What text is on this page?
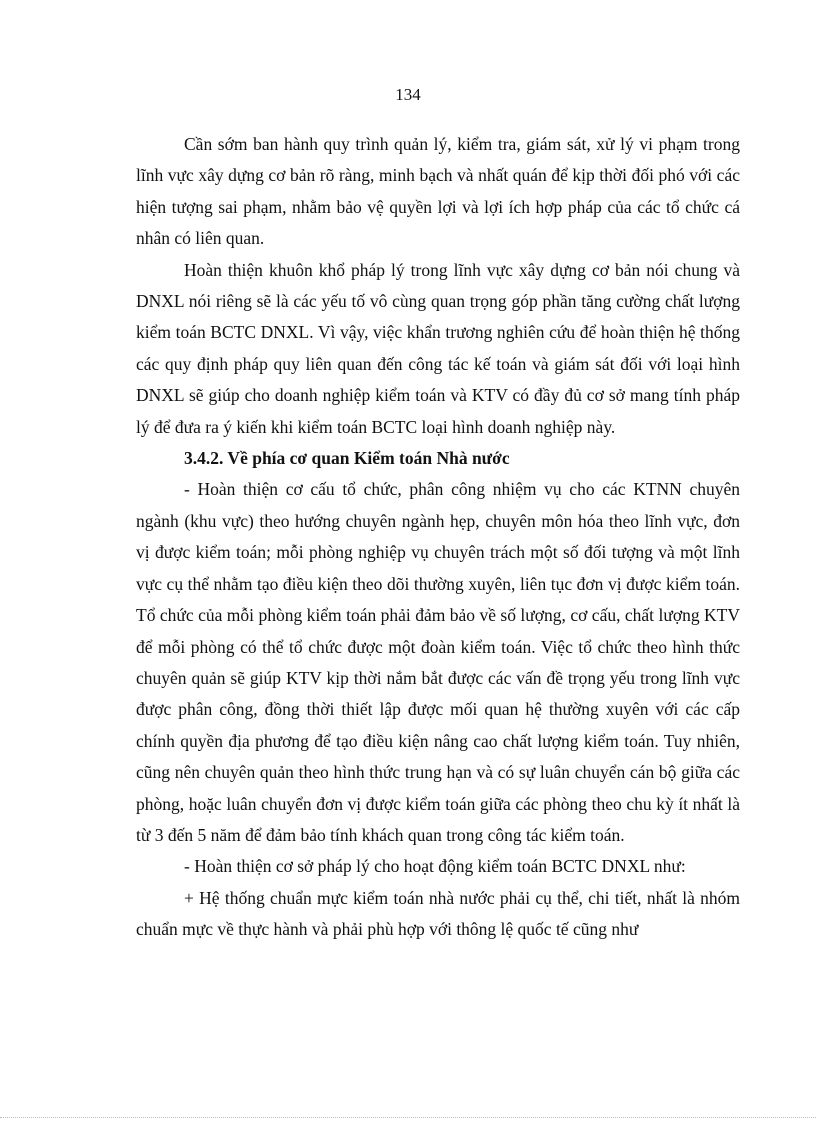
134

Cần sớm ban hành quy trình quản lý, kiểm tra, giám sát, xử lý vi phạm trong lĩnh vực xây dựng cơ bản rõ ràng, minh bạch và nhất quán để kịp thời đối phó với các hiện tượng sai phạm, nhằm bảo vệ quyền lợi và lợi ích hợp pháp của các tổ chức cá nhân có liên quan.

Hoàn thiện khuôn khổ pháp lý trong lĩnh vực xây dựng cơ bản nói chung và DNXL nói riêng sẽ là các yếu tố vô cùng quan trọng góp phần tăng cường chất lượng kiểm toán BCTC DNXL. Vì vậy, việc khẩn trương nghiên cứu để hoàn thiện hệ thống các quy định pháp quy liên quan đến công tác kế toán và giám sát đối với loại hình DNXL sẽ giúp cho doanh nghiệp kiểm toán và KTV có đầy đủ cơ sở mang tính pháp lý để đưa ra ý kiến khi kiểm toán BCTC loại hình doanh nghiệp này.

3.4.2. Về phía cơ quan Kiểm toán Nhà nước

- Hoàn thiện cơ cấu tổ chức, phân công nhiệm vụ cho các KTNN chuyên ngành (khu vực) theo hướng chuyên ngành hẹp, chuyên môn hóa theo lĩnh vực, đơn vị được kiểm toán; mỗi phòng nghiệp vụ chuyên trách một số đối tượng và một lĩnh vực cụ thể nhằm tạo điều kiện theo dõi thường xuyên, liên tục đơn vị được kiểm toán. Tổ chức của mỗi phòng kiểm toán phải đảm bảo về số lượng, cơ cấu, chất lượng KTV để mỗi phòng có thể tổ chức được một đoàn kiểm toán. Việc tổ chức theo hình thức chuyên quản sẽ giúp KTV kịp thời nắm bắt được các vấn đề trọng yếu trong lĩnh vực được phân công, đồng thời thiết lập được mối quan hệ thường xuyên với các cấp chính quyền địa phương để tạo điều kiện nâng cao chất lượng kiểm toán. Tuy nhiên, cũng nên chuyên quản theo hình thức trung hạn và có sự luân chuyển cán bộ giữa các phòng, hoặc luân chuyển đơn vị được kiểm toán giữa các phòng theo chu kỳ ít nhất là từ 3 đến 5 năm để đảm bảo tính khách quan trong công tác kiểm toán.

- Hoàn thiện cơ sở pháp lý cho hoạt động kiểm toán BCTC DNXL như:

+ Hệ thống chuẩn mực kiểm toán nhà nước phải cụ thể, chi tiết, nhất là nhóm chuẩn mực về thực hành và phải phù hợp với thông lệ quốc tế cũng như
